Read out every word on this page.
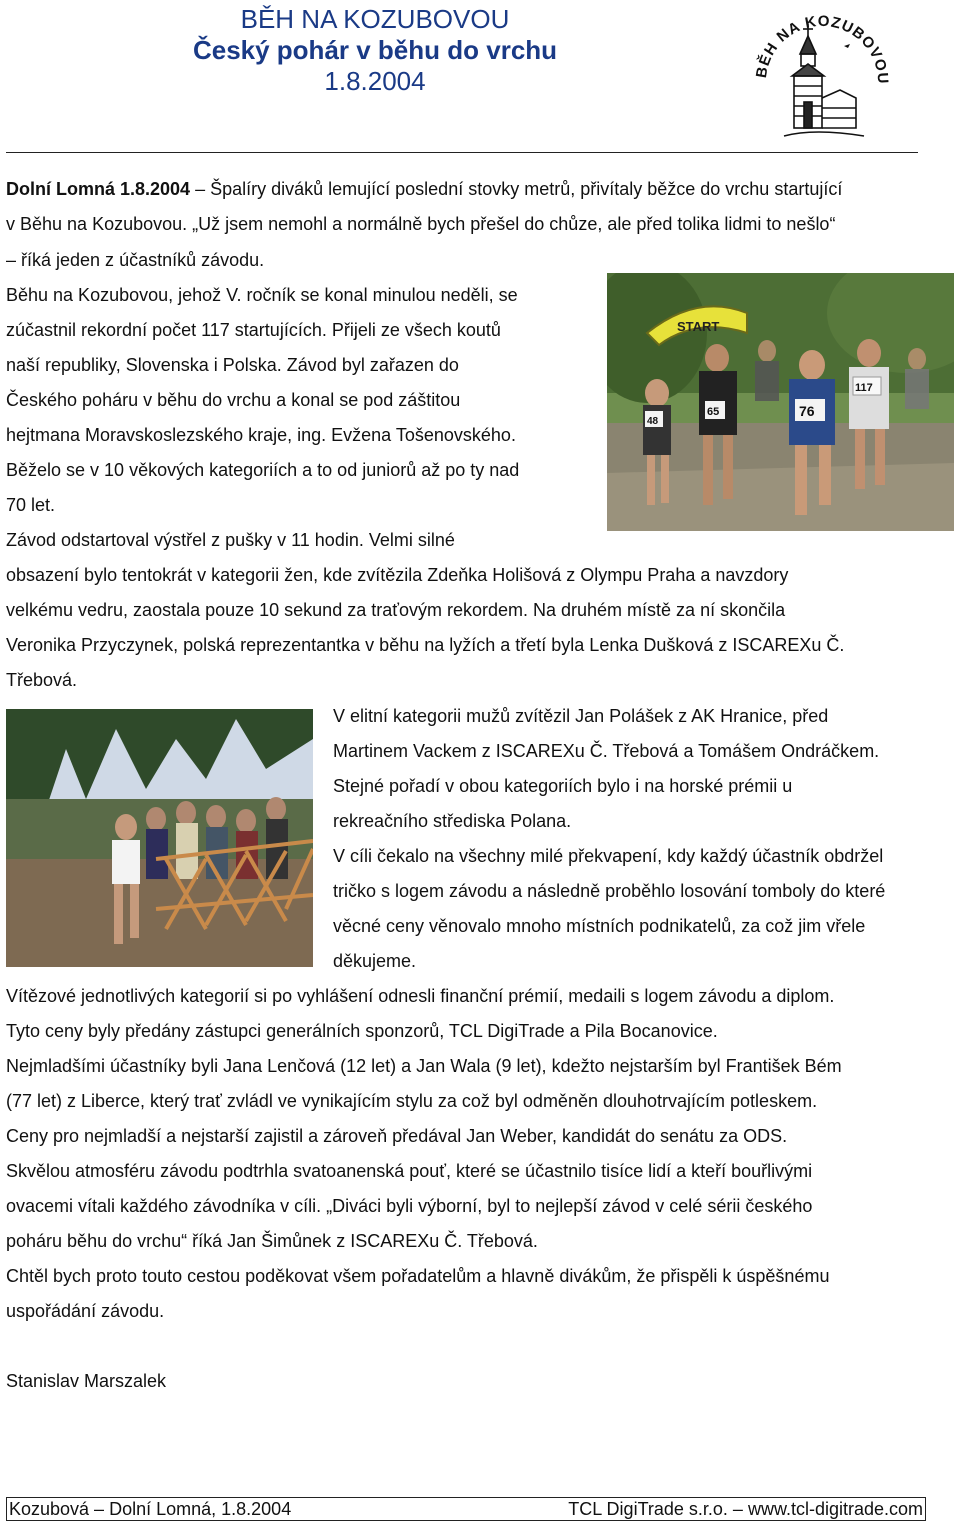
BĚH NA KOZUBOVOU
Český pohár v běhu do vrchu
1.8.2004	BĚH NA KOZUBOVOU
Dolní Lomná 1.8.2004 – Špalíry diváků lemující poslední stovky metrů, přivítaly běžce do vrchu startující
v Běhu na Kozubovou. „Už jsem nemohl a normálně bych přešel do chůze, ale před tolika lidmi to nešlo“
– říká jeden z účastníků závodu.
Běhu na Kozubovou, jehož V. ročník se konal minulou neděli, se
zúčastnil rekordní počet 117 startujících. Přijeli ze všech koutů
naší republiky, Slovenska i Polska. Závod byl zařazen do
Českého poháru v běhu do vrchu a konal se pod záštitou
hejtmana Moravskoslezského kraje, ing. Evžena Tošenovského.
Běželo se v 10 věkových kategoriích a to od juniorů až po ty nad
70 let.
Závod odstartoval výstřel z pušky v 11 hodin. Velmi silné
obsazení bylo tentokrát v kategorii žen, kde zvítězila Zdeňka Holišová z Olympu Praha a navzdory
velkému vedru, zaostala pouze 10 sekund za traťovým rekordem. Na druhém místě za ní skončila
Veronika Przyczynek, polská reprezentantka v běhu na lyžích a třetí byla Lenka Dušková z ISCAREXu Č.
Třebová.
V elitní kategorii mužů zvítězil Jan Polášek z AK Hranice, před
Martinem Vackem z ISCAREXu Č. Třebová a Tomášem Ondráčkem.
Stejné pořadí v obou kategoriích bylo i na horské prémii u
rekreačního střediska Polana.
V cíli čekalo na všechny milé překvapení, kdy každý účastník obdržel
tričko s logem závodu a následně proběhlo losování tomboly do které
věcné ceny věnovalo mnoho místních podnikatelů, za což jim vřele
děkujeme.
Vítězové jednotlivých kategorií si po vyhlášení odnesli finanční prémií, medaili s logem závodu a diplom.
Tyto ceny byly předány zástupci generálních sponzorů, TCL DigiTrade a Pila Bocanovice.
Nejmladšími účastníky byli Jana Lenčová (12 let) a Jan Wala (9 let), kdežto nejstarším byl František Bém
(77 let) z Liberce, který trať zvládl ve vynikajícím stylu za což byl odměněn dlouhotrvajícím potleskem.
Ceny pro nejmladší a nejstarší zajistil a zároveň předával Jan Weber, kandidát do senátu za ODS.
Skvělou atmosféru závodu podtrhla svatoanenská pouť, které se účastnilo tisíce lidí a kteří bouřlivými
ovacemi vítali každého závodníka v cíli. „Diváci byli výborní, byl to nejlepší závod v celé sérii českého
poháru běhu do vrchu“ říká Jan Šimůnek z ISCAREXu Č. Třebová.
Chtěl bych proto touto cestou poděkovat všem pořadatelům a hlavně divákům, že přispěli k úspěšnému
uspořádání závodu.
Stanislav Marszalek
START
48
65	76
117
Kozubová – Dolní Lomná, 1.8.2004	TCL DigiTrade s.r.o. – www.tcl-digitrade.com
